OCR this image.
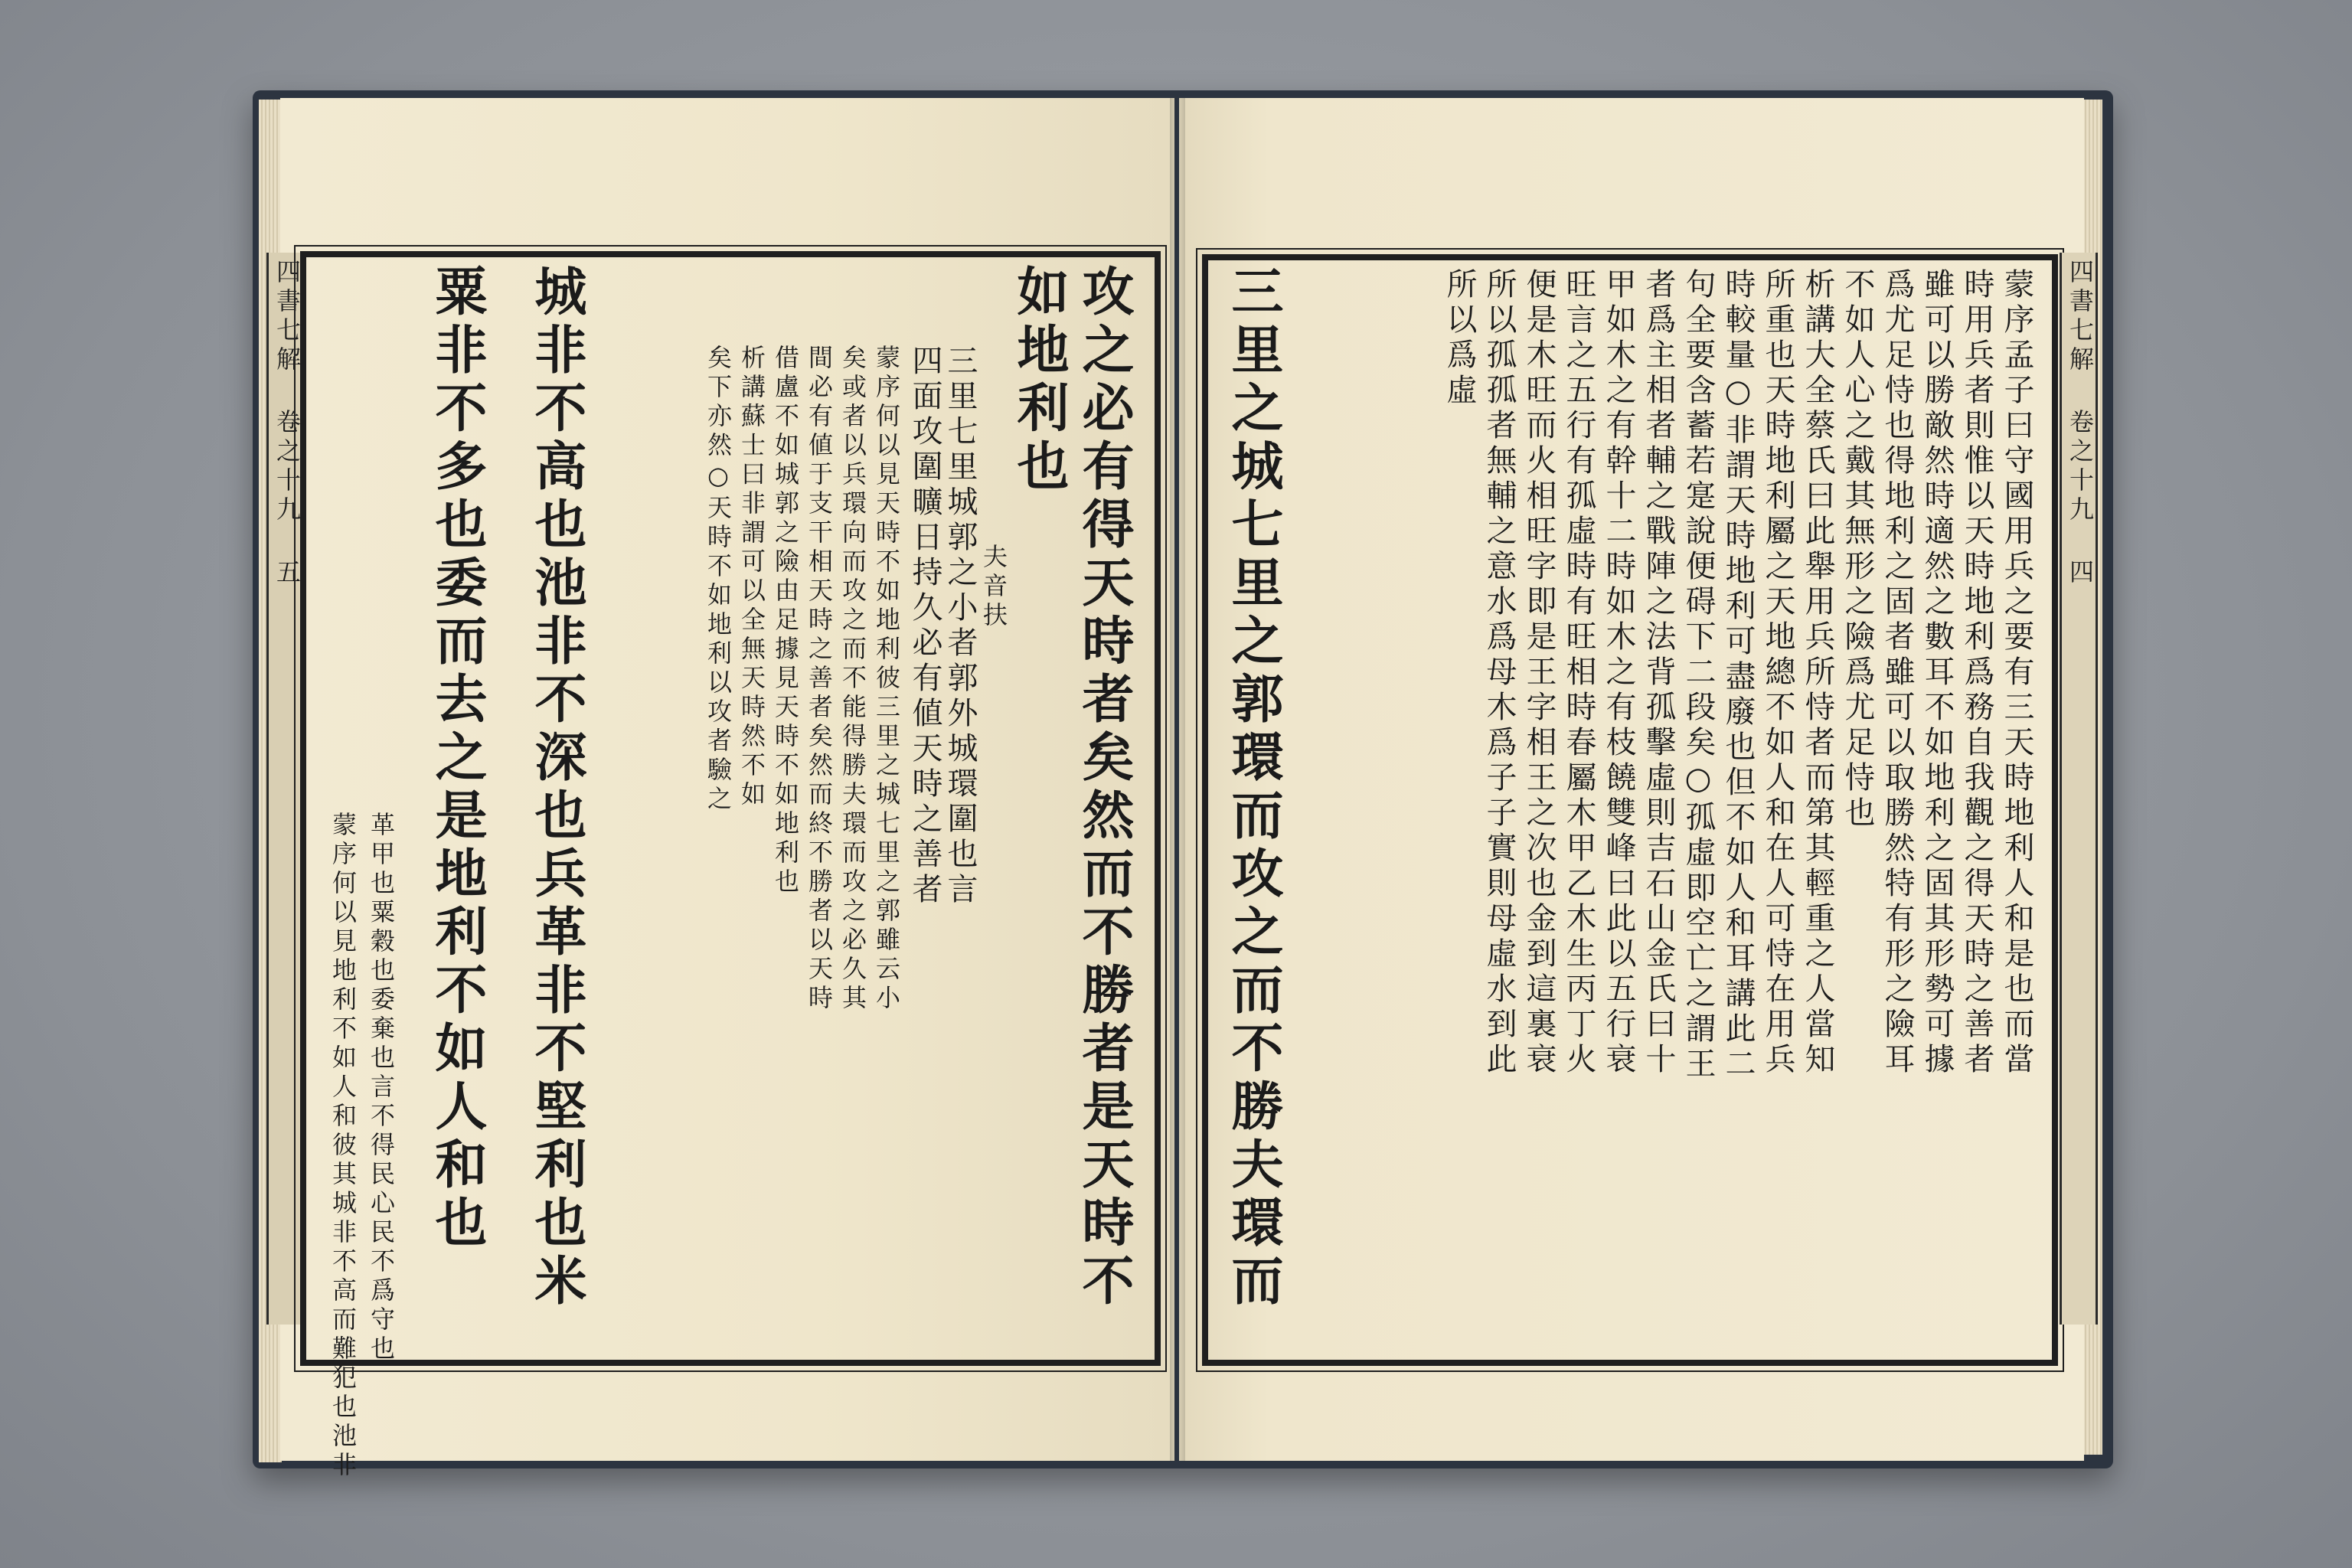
四書七解 卷之十九 五	攻之必有得天時者矣然而不勝者是天時不
如地利也
夫音扶
三里七里城郭之小者郭外城環圍也言
四面攻圍曠日持久必有値天時之善者
蒙序何以見天時不如地利彼三里之城七里之郭雖云小
矣或者以兵環向而攻之而不能得勝夫環而攻之必久其
間必有値于支干相天時之善者矣然而終不勝者以天時
借盧不如城郭之險由足據見天時不如地利也
析講蘇士曰非謂可以全無天時然不如
矣下亦然○天時不如地利以攻者驗之
城非不高也池非不深也兵革非不堅利也米
粟非不多也委而去之是地利不如人和也
革甲也粟穀也委棄也言不得民心民不爲守也
蒙序何以見地利不如人和彼其城非不高而難犯也池非
四書七解 卷之十九 四
蒙序孟子曰守國用兵之要有三天時地利人和是也而當
時用兵者則惟以天時地利爲務自我觀之得天時之善者
雖可以勝敵然時適然之數耳不如地利之固其形勢可據
爲尤足恃也得地利之固者雖可以取勝然特有形之險耳
不如人心之戴其無形之險爲尤足恃也
析講大全蔡氏曰此舉用兵所恃者而第其輕重之人當知
所重也天時地利屬之天地總不如人和在人可恃在用兵
時較量○非謂天時地利可盡廢也但不如人和耳講此二
句全要含蓄若寔說便碍下二段矣○孤虛即空亡之謂王
者爲主相者輔之戰陣之法背孤擊虛則吉石山金氏曰十
甲如木之有幹十二時如木之有枝饒雙峰曰此以五行衰
旺言之五行有孤虛時有旺相時春屬木甲乙木生丙丁火
便是木旺而火相旺字即是王字相王之次也金到這裏衰
所以孤孤者無輔之意水爲母木爲子子實則母虛水到此
所以爲虛
三里之城七里之郭環而攻之而不勝夫環而
